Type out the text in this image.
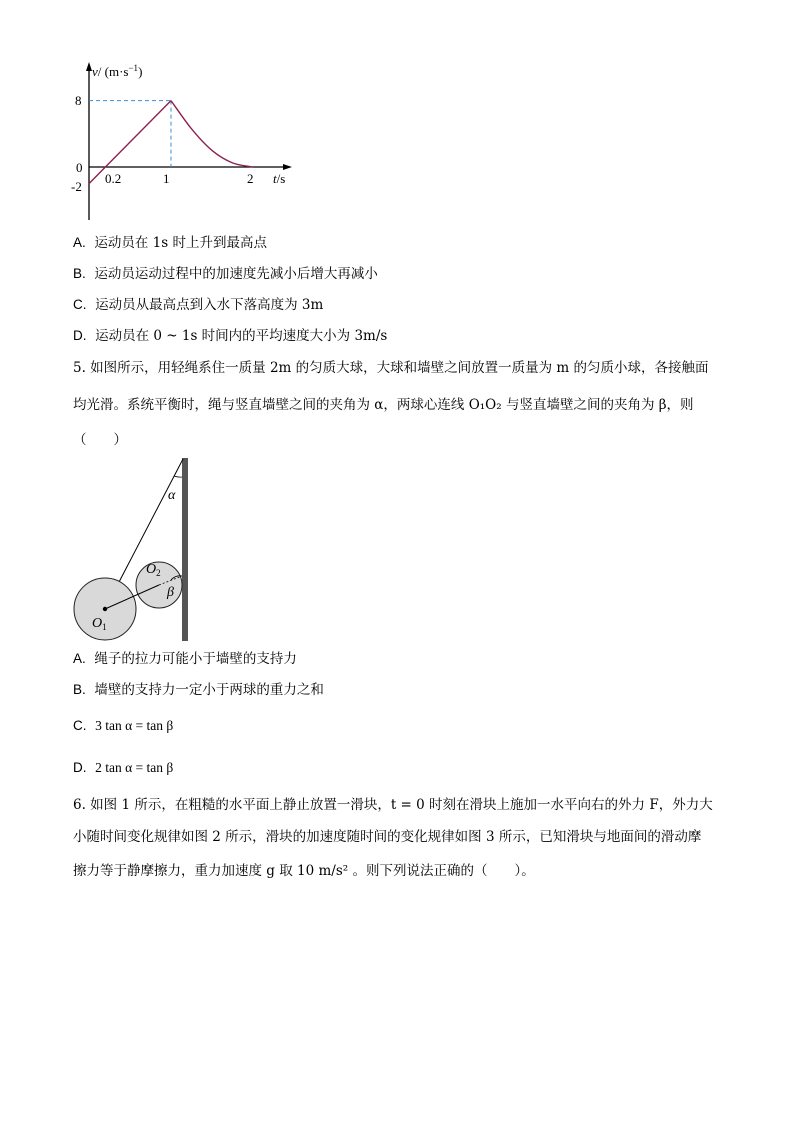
v/ $(m\cdot s^{-1})$
t/s
8
0
-2
0.2	1	2
A. 运动员在 1s 时上升到最高点
B. 运动员运动过程中的加速度先减小后增大再减小
C. 运动员从最高点到入水下落高度为 3m
D. 运动员在 0 ~ 1s 时间内的平均速度大小为 3m/s
5. 如图所示，用轻绳系住一质量 2m 的匀质大球，大球和墙壁之间放置一质量为 m 的匀质小球，各接触面
均光滑。系统平衡时，绳与竖直墙壁之间的夹角为 α，两球心连线 O₁O₂ 与竖直墙壁之间的夹角为 β，则
（　　）
α
β
$O_2$
$O_1$
A. 绳子的拉力可能小于墙壁的支持力
B. 墙壁的支持力一定小于两球的重力之和
C. 3 tan α = tan β
D. 2 tan α = tan β
6. 如图 1 所示，在粗糙的水平面上静止放置一滑块，t = 0 时刻在滑块上施加一水平向右的外力 F，外力大
小随时间变化规律如图 2 所示，滑块的加速度随时间的变化规律如图 3 所示，已知滑块与地面间的滑动摩
擦力等于静摩擦力，重力加速度 g 取 10 m/s² 。则下列说法正确的（　　）。
